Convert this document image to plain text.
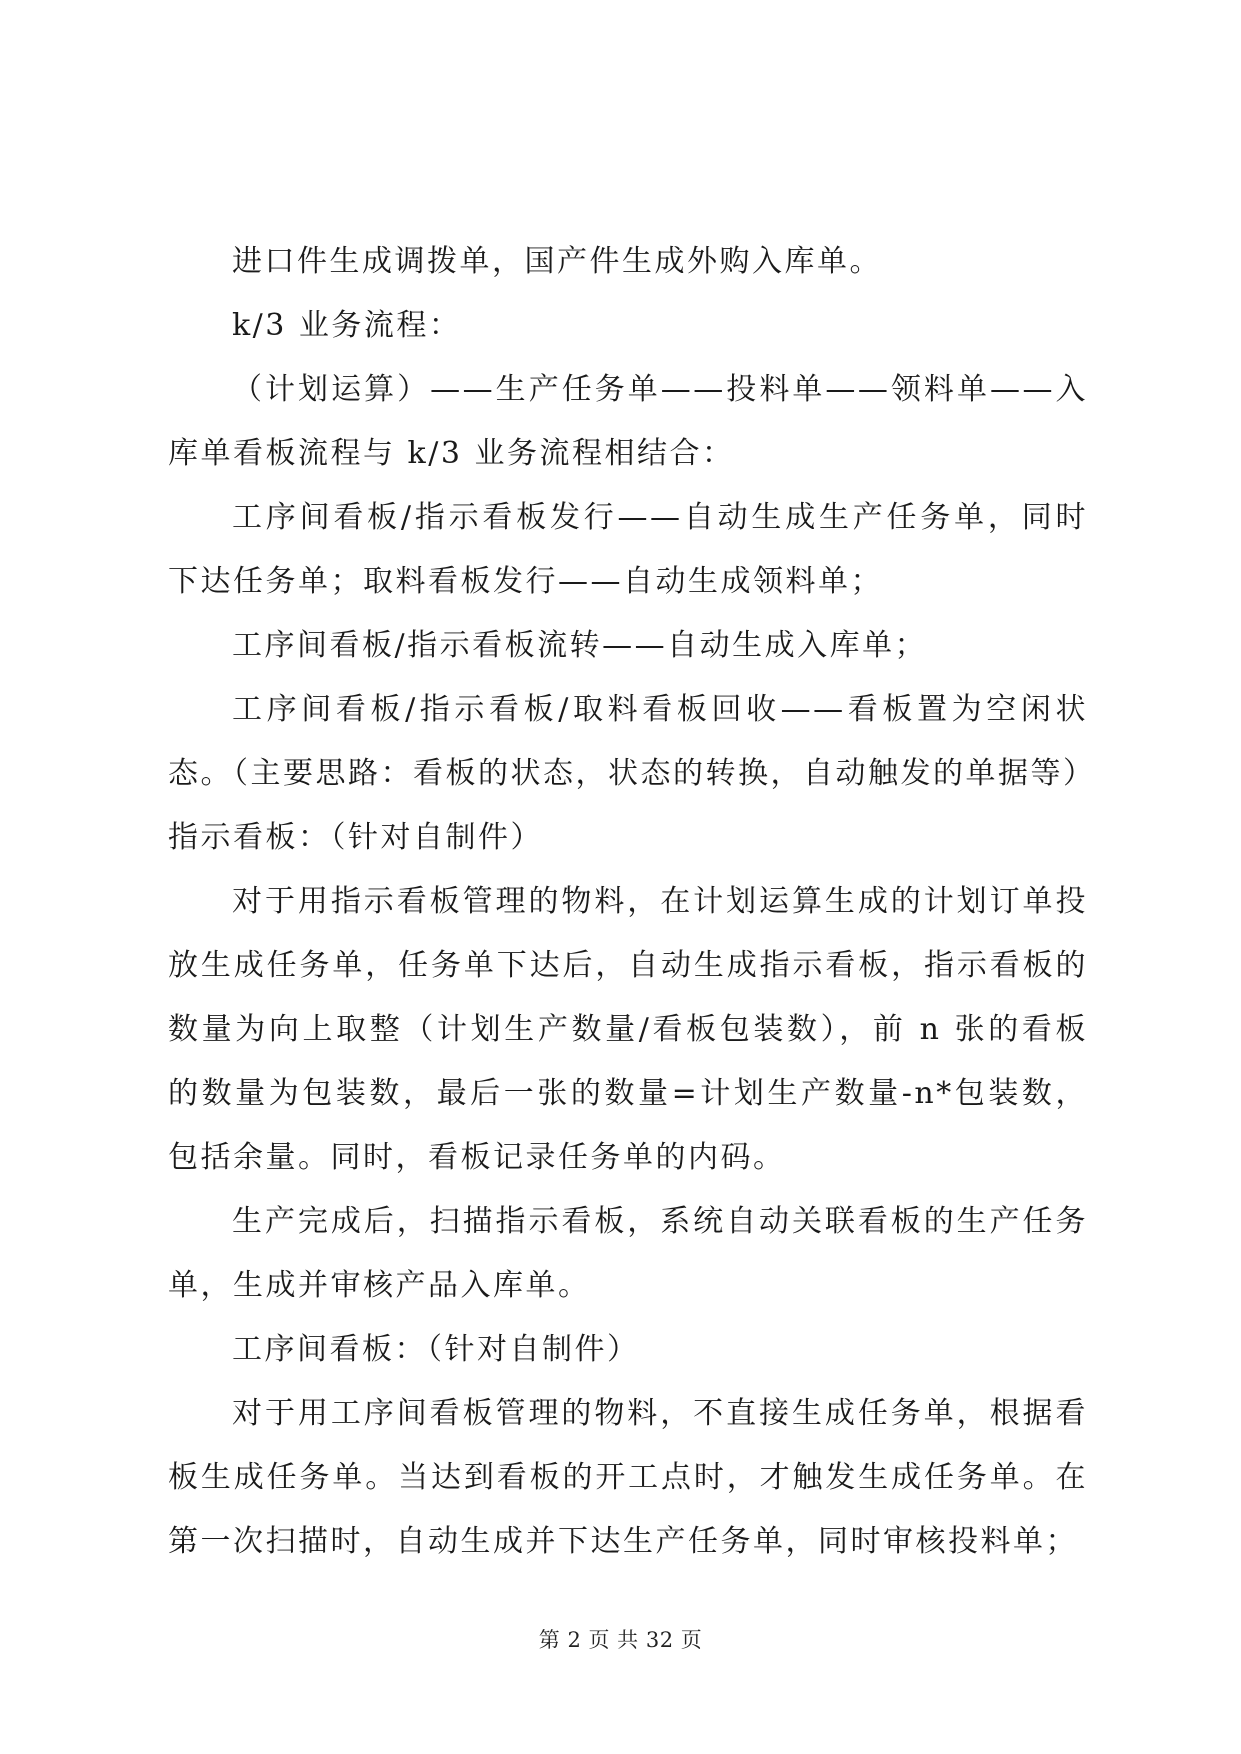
进口件生成调拨单，国产件生成外购入库单。

k/3 业务流程：

（计划运算）——生产任务单——投料单——领料单——入库单看板流程与 k/3 业务流程相结合：

工序间看板/指示看板发行——自动生成生产任务单，同时下达任务单；取料看板发行——自动生成领料单；

工序间看板/指示看板流转——自动生成入库单；

工序间看板/指示看板/取料看板回收——看板置为空闲状态。（主要思路：看板的状态，状态的转换，自动触发的单据等）

指示看板：（针对自制件）

对于用指示看板管理的物料，在计划运算生成的计划订单投放生成任务单，任务单下达后，自动生成指示看板，指示看板的数量为向上取整（计划生产数量/看板包装数），前 n 张的看板的数量为包装数，最后一张的数量=计划生产数量-n*包装数，包括余量。同时，看板记录任务单的内码。

生产完成后，扫描指示看板，系统自动关联看板的生产任务单，生成并审核产品入库单。

工序间看板：（针对自制件）

对于用工序间看板管理的物料，不直接生成任务单，根据看板生成任务单。当达到看板的开工点时，才触发生成任务单。在第一次扫描时，自动生成并下达生产任务单，同时审核投料单；

第 2 页 共 32 页
